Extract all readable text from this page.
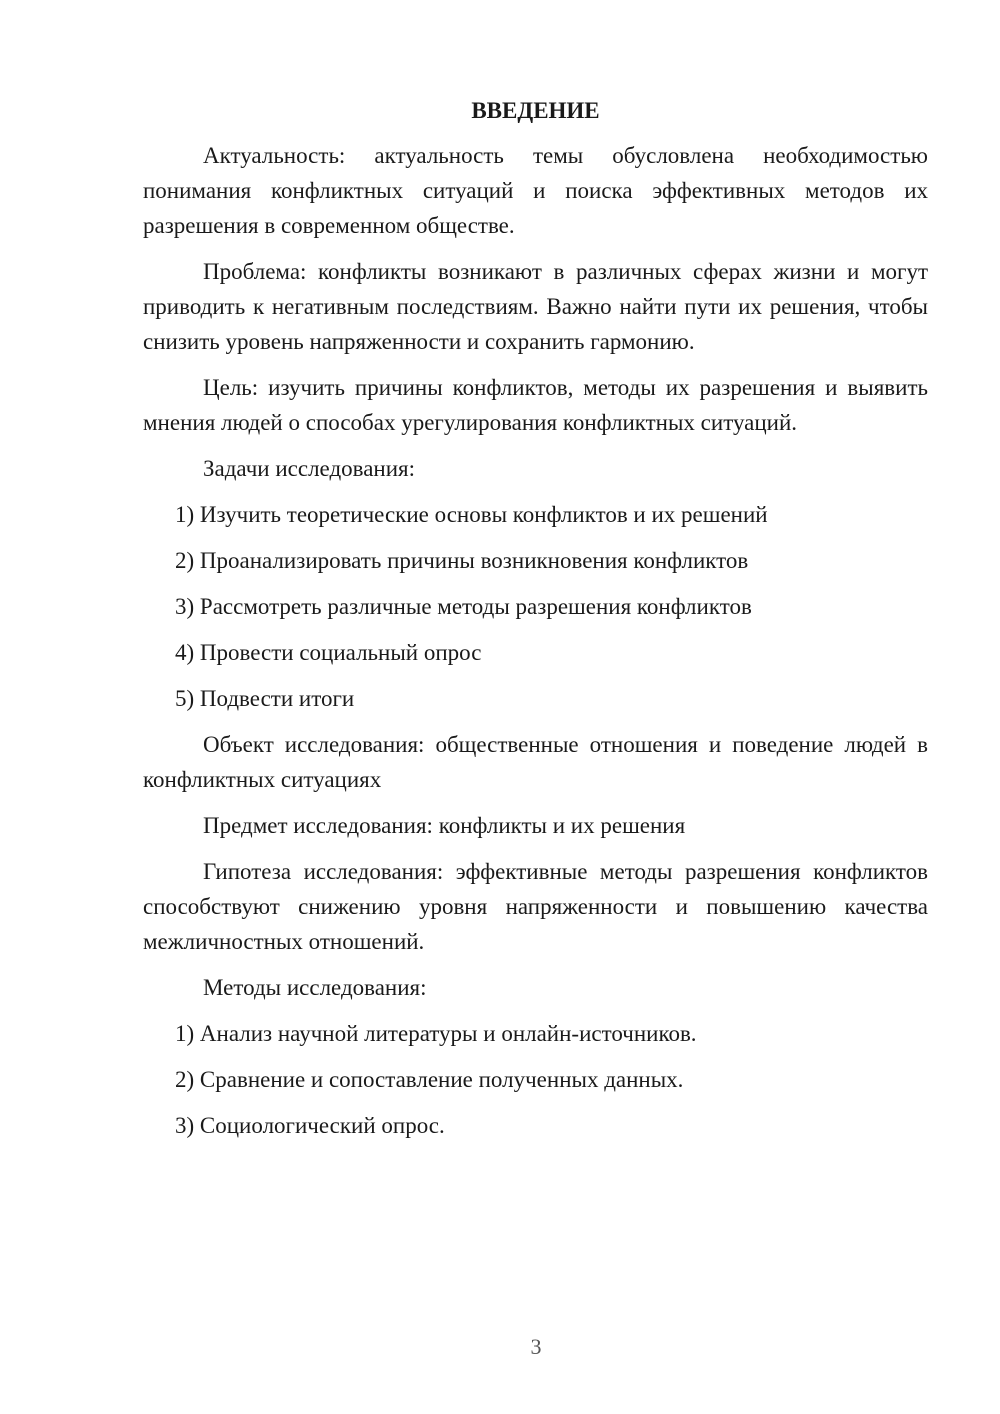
ВВЕДЕНИЕ

Актуальность: актуальность темы обусловлена необходимостью понимания конфликтных ситуаций и поиска эффективных методов их разрешения в современном обществе.

Проблема: конфликты возникают в различных сферах жизни и могут приводить к негативным последствиям. Важно найти пути их решения, чтобы снизить уровень напряженности и сохранить гармонию.

Цель: изучить причины конфликтов, методы их разрешения и выявить мнения людей о способах урегулирования конфликтных ситуаций.

Задачи исследования:

1) Изучить теоретические основы конфликтов и их решений

2) Проанализировать причины возникновения конфликтов

3) Рассмотреть различные методы разрешения конфликтов

4) Провести социальный опрос

5) Подвести итоги

Объект исследования: общественные отношения и поведение людей в конфликтных ситуациях

Предмет исследования: конфликты и их решения

Гипотеза исследования: эффективные методы разрешения конфликтов способствуют снижению уровня напряженности и повышению качества межличностных отношений.

Методы исследования:

1) Анализ научной литературы и онлайн-источников.

2) Сравнение и сопоставление полученных данных.

3) Социологический опрос.

3
